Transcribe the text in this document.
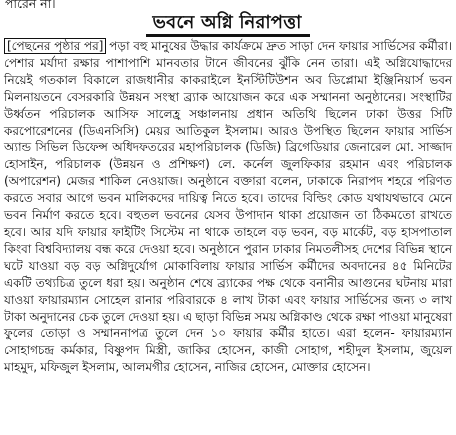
পারেন না।
ভবনে অগ্নি নিরাপত্তা

[পেছনের পৃষ্ঠার পর] পড়া বহু মানুষের উদ্ধার কার্যক্রমে দ্রুত সাড়া দেন ফায়ার সার্ভিসের কর্মীরা। পেশার মর্যাদা রক্ষার পাশাপাশি মানবতার টানে জীবনের ঝুঁকি নেন তারা। এই অগ্নিযোদ্ধাদের নিয়েই গতকাল বিকালে রাজধানীর কাকরাইলে ইনস্টিটিউশন অব ডিপ্লোমা ইঞ্জিনিয়ার্স ভবন মিলনায়তনে বেসরকারি উন্নয়ন সংস্থা ব্র্যাক আয়োজন করে এক সম্মাননা অনুষ্ঠানের। সংস্থাটির উর্ধ্বতন পরিচালক আসিফ সালেহ্র সঞ্চালনায় প্রধান অতিথি ছিলেন ঢাকা উত্তর সিটি করপোরেশনের (ডিএনসিসি) মেয়র আতিকুল ইসলাম। আরও উপস্থিত ছিলেন ফায়ার সার্ভিস অ্যান্ড সিভিল ডিফেন্স অধিদফতরের মহাপরিচালক (ডিজি) ব্রিগেডিয়ার জেনারেল মো. সাজ্জাদ হোসাইন, পরিচালক (উন্নয়ন ও প্রশিক্ষণ) লে. কর্নেল জুলফিকার রহমান এবং পরিচালক (অপারেশন) মেজর শাকিল নেওয়াজ। অনুষ্ঠানে বক্তারা বলেন, ঢাকাকে নিরাপদ শহরে পরিণত করতে সবার আগে ভবন মালিকদের দায়িত্ব নিতে হবে। তাদের বিল্ডিং কোড যথাযথভাবে মেনে ভবন নির্মাণ করতে হবে। বহুতল ভবনের যেসব উপাদান থাকা প্রয়োজন তা ঠিকমতো রাখতে হবে। আর যদি ফায়ার ফাইটিং সিস্টেম না থাকে তাহলে বড় ভবন, বড় মার্কেট, বড় হাসপাতাল কিংবা বিশ্ববিদ্যালয় বন্ধ করে দেওয়া হবে। অনুষ্ঠানে পুরান ঢাকার নিমতলীসহ দেশের বিভিন্ন স্থানে ঘটে যাওয়া বড় বড় অগ্নিদুর্যোগ মোকাবিলায় ফায়ার সার্ভিস কর্মীদের অবদানের ৪৫ মিনিটের একটি তথ্যচিত্র তুলে ধরা হয়। অনুষ্ঠান শেষে ব্র্যাকের পক্ষ থেকে বনানীর আগুনের ঘটনায় মারা যাওয়া ফায়ারম্যান সোহেল রানার পরিবারকে ৪ লাখ টাকা এবং ফায়ার সার্ভিসের জন্য ৩ লাখ টাকা অনুদানের চেক তুলে দেওয়া হয়। এ ছাড়া বিভিন্ন সময় অগ্নিকাণ্ড থেকে রক্ষা পাওয়া মানুষেরা ফুলের তোড়া ও সম্মাননাপত্র তুলে দেন ১০ ফায়ার কর্মীর হাতে। এরা হলেন- ফায়ারম্যান সোহাগচন্দ্র কর্মকার, বিষ্ণুপদ মিস্ত্রী, জাকির হোসেন, কাজী সোহাগ, শহীদুল ইসলাম, জুয়েল মাহমুদ, মফিজুল ইসলাম, আলমগীর হোসেন, নাজির হোসেন, মোক্তার হোসেন।
